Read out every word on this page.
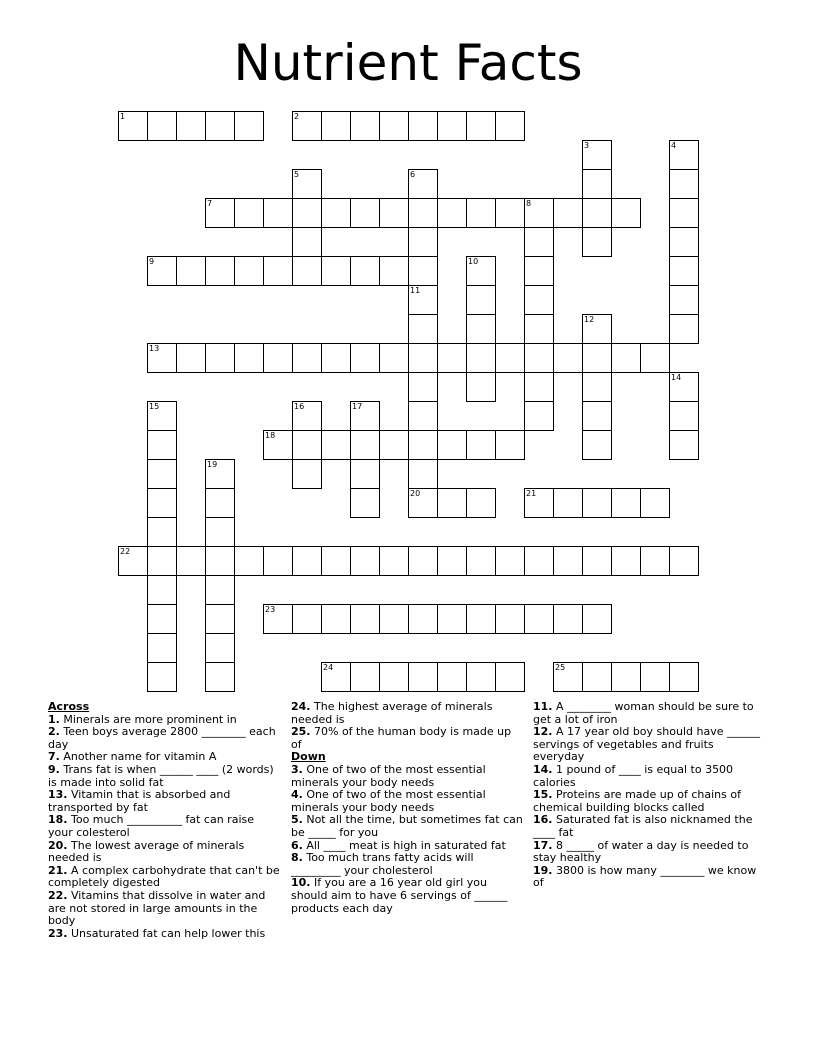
Nutrient Facts
1	2
3	4
5	6
7	8
9	10
11
12
13
14
15	16	17
18
19
20	21
22
23
24	25
Across
1. Minerals are more prominent in
2. Teen boys average 2800 ________ each day
7. Another name for vitamin A
9. Trans fat is when ______ ____ (2 words) is made into solid fat
13. Vitamin that is absorbed and transported by fat
18. Too much __________ fat can raise your colesterol
20. The lowest average of minerals needed is
21. A complex carbohydrate that can't be completely digested
22. Vitamins that dissolve in water and are not stored in large amounts in the body
23. Unsaturated fat can help lower this
24. The highest average of minerals needed is
25. 70% of the human body is made up of
Down
3. One of two of the most essential minerals your body needs
4. One of two of the most essential minerals your body needs
5. Not all the time, but sometimes fat can be _____ for you
6. All ____ meat is high in saturated fat
8. Too much trans fatty acids will _________ your cholesterol
10. If you are a 16 year old girl you should aim to have 6 servings of ______ products each day
11. A ________ woman should be sure to get a lot of iron
12. A 17 year old boy should have ______ servings of vegetables and fruits everyday
14. 1 pound of ____ is equal to 3500 calories
15. Proteins are made up of chains of chemical building blocks called
16. Saturated fat is also nicknamed the ____ fat
17. 8 _____ of water a day is needed to stay healthy
19. 3800 is how many ________ we know of
